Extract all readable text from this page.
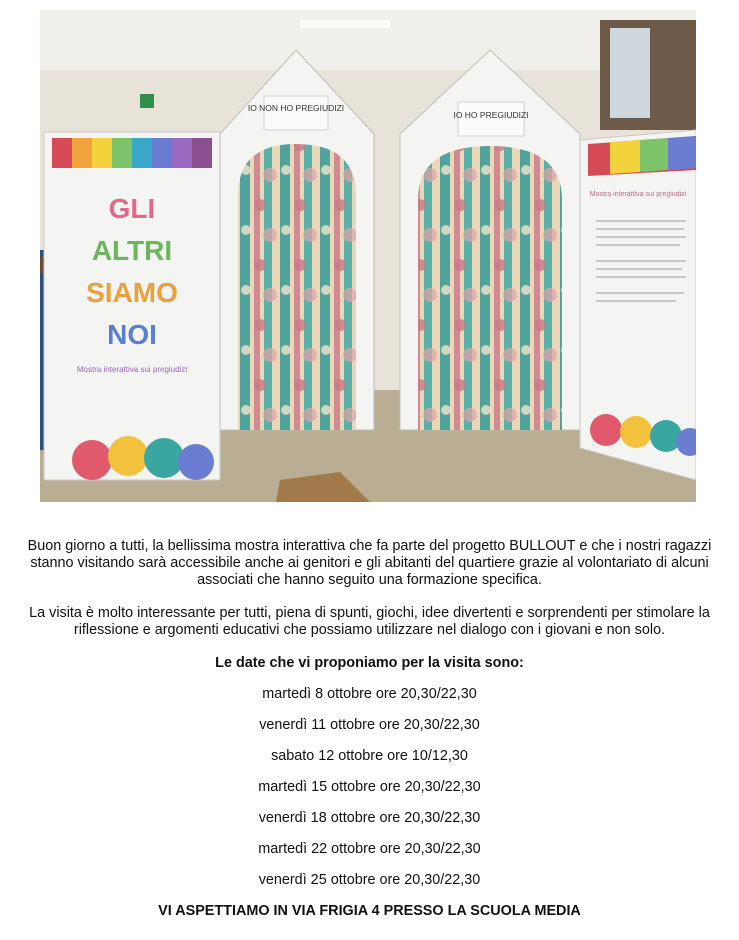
GLI
ALTRI
SIAMO
NOI
Mostra interattiva sui pregiudizi
IO NON HO PREGIUDIZI
IO HO PREGIUDIZI
Mostra interattiva sui pregiudizi

Buon giorno a tutti, la bellissima mostra interattiva che fa parte del progetto BULLOUT e che i nostri ragazzi stanno visitando sarà accessibile anche ai genitori e gli abitanti del quartiere grazie al volontariato di alcuni associati che hanno seguito una formazione specifica.

La visita è molto interessante per tutti, piena di spunti, giochi, idee divertenti e sorprendenti per stimolare la riflessione e argomenti educativi che possiamo utilizzare nel dialogo con i giovani e non solo.

Le date che vi proponiamo per la visita sono:
martedì 8 ottobre ore 20,30/22,30
venerdì 11 ottobre ore 20,30/22,30
sabato 12 ottobre ore 10/12,30
martedì 15 ottobre ore 20,30/22,30
venerdì 18 ottobre ore 20,30/22,30
martedì 22 ottobre ore 20,30/22,30
venerdì 25 ottobre ore 20,30/22,30
VI ASPETTIAMO IN VIA FRIGIA 4 PRESSO LA SCUOLA MEDIA
